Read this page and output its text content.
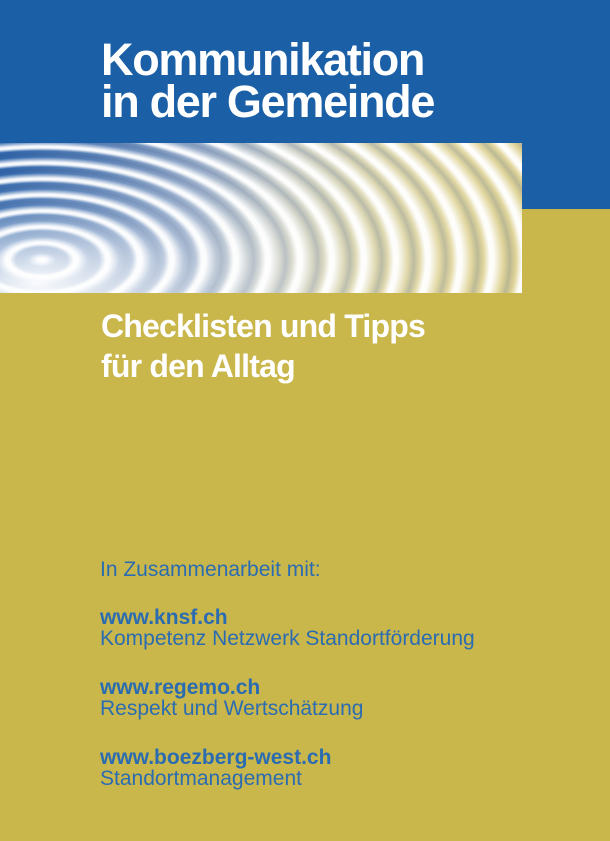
Kommunikation
in der Gemeinde
Checklisten und Tipps
für den Alltag
In Zusammenarbeit mit:
www.knsf.ch
Kompetenz Netzwerk Standortförderung
www.regemo.ch
Respekt und Wertschätzung
www.boezberg-west.ch
Standortmanagement
